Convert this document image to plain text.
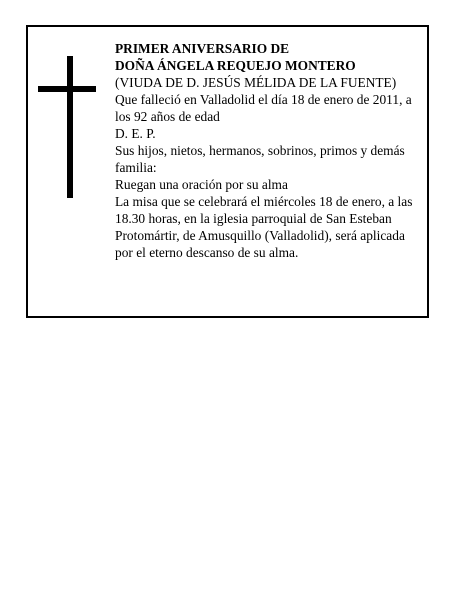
PRIMER ANIVERSARIO DE
DOÑA ÁNGELA REQUEJO MONTERO
(VIUDA DE D. JESÚS MÉLIDA DE LA FUENTE)
Que falleció en Valladolid el día 18 de enero de 2011, a
los 92 años de edad
D. E. P.
Sus hijos, nietos, hermanos, sobrinos, primos y demás
familia:
Ruegan una oración por su alma
La misa que se celebrará el miércoles 18 de enero, a las
18.30 horas, en la iglesia parroquial de San Esteban
Protomártir, de Amusquillo (Valladolid), será aplicada
por el eterno descanso de su alma.
